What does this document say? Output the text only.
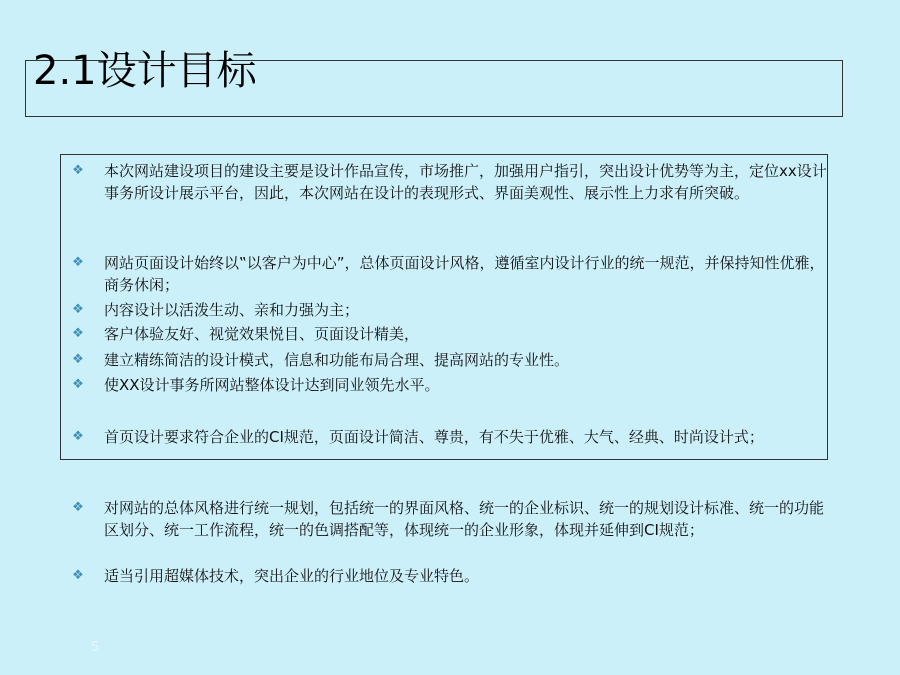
2.1设计目标
❖	本次网站建设项目的建设主要是设计作品宣传，市场推广，加强用户指引，突出设计优势等为主，定位xx设计事务所设计展示平台，因此，本次网站在设计的表现形式、界面美观性、展示性上力求有所突破。
❖	网站页面设计始终以‟以客户为中心”，总体页面设计风格，遵循室内设计行业的统一规范，并保持知性优雅，商务休闲；
❖	内容设计以活泼生动、亲和力强为主；
❖	客户体验友好、视觉效果悦目、页面设计精美，
❖	建立精练简洁的设计模式，信息和功能布局合理、提高网站的专业性。
❖	使XX设计事务所网站整体设计达到同业领先水平。
❖	首页设计要求符合企业的CI规范，页面设计简洁、尊贵，有不失于优雅、大气、经典、时尚设计式；
❖	对网站的总体风格进行统一规划，包括统一的界面风格、统一的企业标识、统一的规划设计标准、统一的功能区划分、统一工作流程，统一的色调搭配等，体现统一的企业形象，体现并延伸到CI规范；
❖	适当引用超媒体技术，突出企业的行业地位及专业特色。
5
